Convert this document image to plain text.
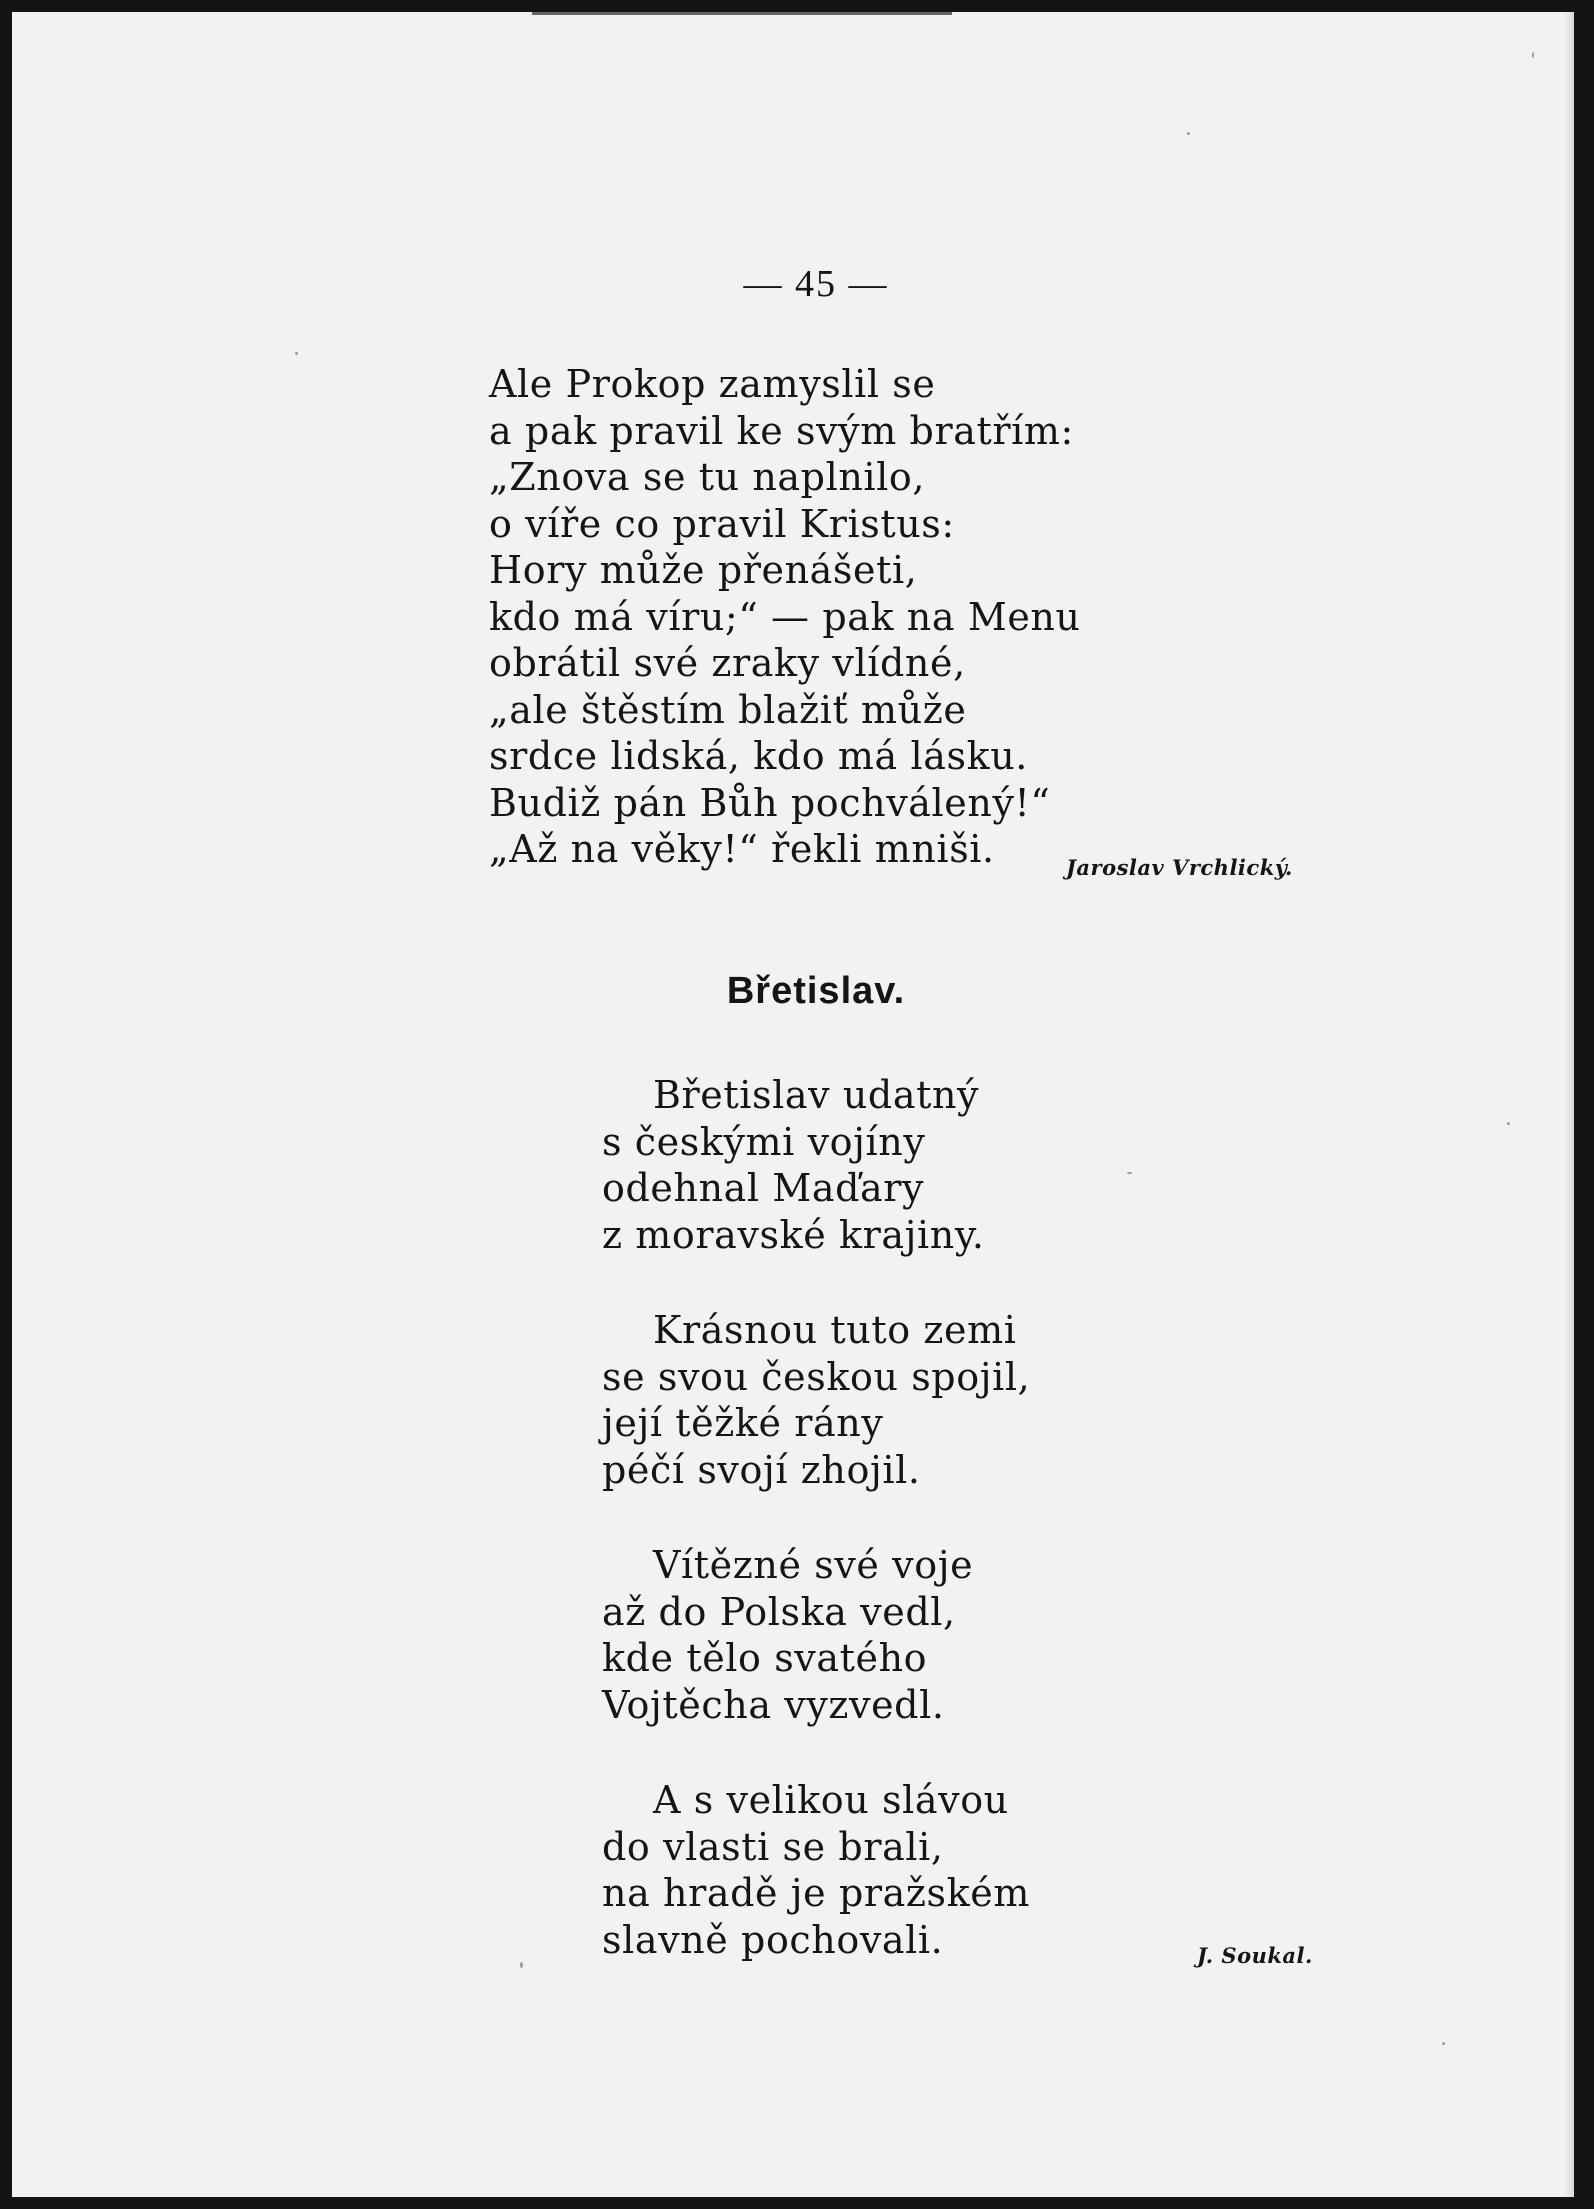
— 45 —
Ale Prokop zamyslil se
a pak pravil ke svým bratřím:
„Znova se tu naplnilo,
o víře co pravil Kristus:
Hory může přenášeti,
kdo má víru;“ — pak na Menu
obrátil své zraky vlídné,
„ale štěstím blažiť může
srdce lidská, kdo má lásku.
Budiž pán Bůh pochválený!“
„Až na věky!“ řekli mniši.	Jaroslav Vrchlický.
Břetislav.
Břetislav udatný
s českými vojíny
odehnal Maďary
z moravské krajiny.
Krásnou tuto zemi
se svou českou spojil,
její těžké rány
péčí svojí zhojil.
Vítězné své voje
až do Polska vedl,
kde tělo svatého
Vojtěcha vyzvedl.
A s velikou slávou
do vlasti se brali,
na hradě je pražském
slavně pochovali.	J. Soukal.
